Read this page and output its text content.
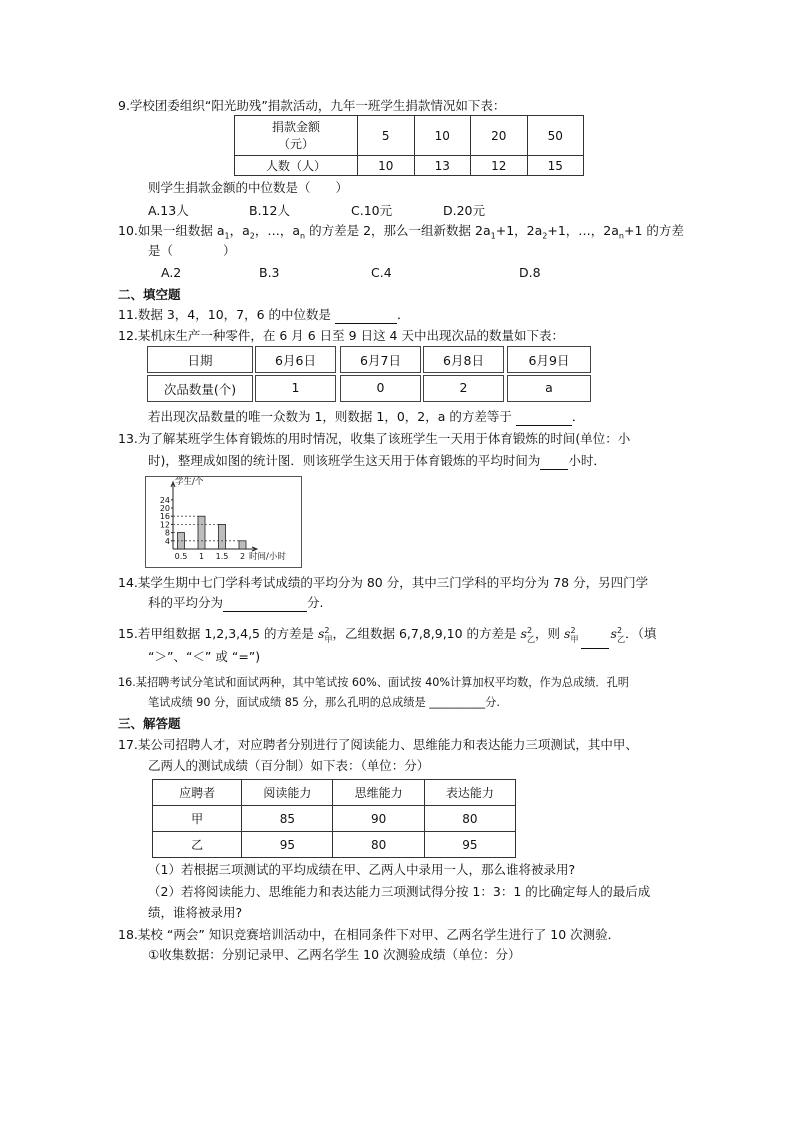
9.学校团委组织“阳光助残”捐款活动，九年一班学生捐款情况如下表：
捐款金额
（元）	5	10	20	50
人数（人）	10	13	12	15
则学生捐款金额的中位数是（　　）
A.13人	B.12人	C.10元	D.20元
10.如果一组数据 $a_1$，$a_2$，…，$a_n$ 的方差是 2，那么一组新数据 $2a_1+1$，$2a_2+1$，…，$2a_n+1$ 的方差
是（　　　　）
A.2	B.3	C.4	D.8
二、填空题
11.数据 3，4，10，7，6 的中位数是	．
12.某机床生产一种零件，在 6 月 6 日至 9 日这 4 天中出现次品的数量如下表：
日期	6月6日	6月7日	6月8日	6月9日
次品数量(个)	1	0	2	a
若出现次品数量的唯一众数为 1，则数据 1，0，2，a 的方差等于	．
13.为了解某班学生体育锻炼的用时情况，收集了该班学生一天用于体育锻炼的时间(单位：小
时)，整理成如图的统计图．则该班学生这天用于体育锻炼的平均时间为 小时．
24
20
16
12
8
4
0.5 1 1.5 2
学生/个
时间/小时
14.某学生期中七门学科考试成绩的平均分为 80 分，其中三门学科的平均分为 78 分，另四门学
科的平均分为	分.
15.若甲组数据 1,2,3,4,5 的方差是 $s^2_甲$，乙组数据 6,7,8,9,10 的方差是 $s^2_乙$，则 $s^2_甲$	$s^2_乙$．（填
“＞”、“＜” 或 “=”)
16.某招聘考试分笔试和面试两种，其中笔试按 60%、面试按 40%计算加权平均数，作为总成绩．孔明
笔试成绩 90 分，面试成绩 85 分，那么孔明的总成绩是 __________分.
三、解答题
17.某公司招聘人才，对应聘者分别进行了阅读能力、思维能力和表达能力三项测试，其中甲、
乙两人的测试成绩（百分制）如下表：（单位：分）
应聘者	阅读能力	思维能力	表达能力
甲	85	90	80
乙	95	80	95
（1）若根据三项测试的平均成绩在甲、乙两人中录用一人，那么谁将被录用?
（2）若将阅读能力、思维能力和表达能力三项测试得分按 1：3：1 的比确定每人的最后成
绩，谁将被录用?
18.某校 “两会” 知识竞赛培训活动中，在相同条件下对甲、乙两名学生进行了 10 次测验．
①收集数据：分别记录甲、乙两名学生 10 次测验成绩（单位：分）
